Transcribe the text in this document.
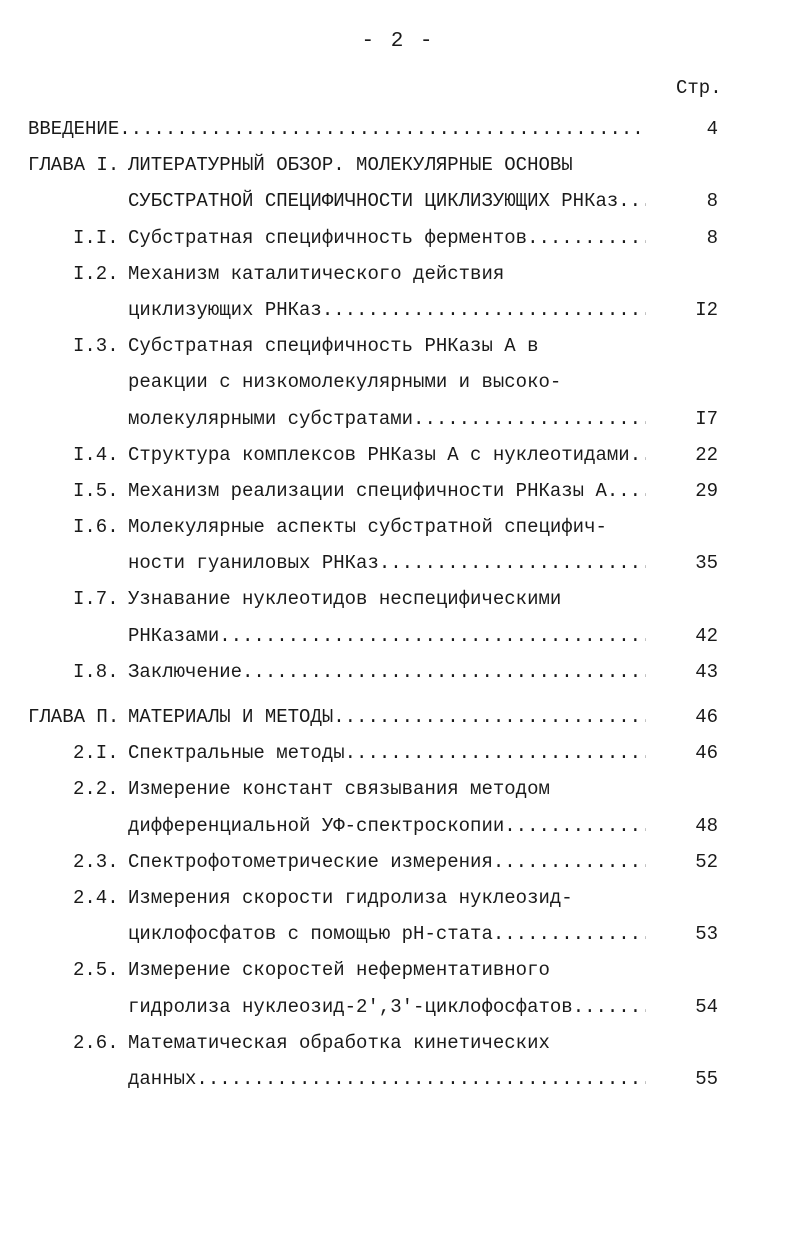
- 2 -
Стр.
ВВЕДЕНИЕ .....	4
ГЛАВА I. ЛИТЕРАТУРНЫЙ ОБЗОР. МОЛЕКУЛЯРНЫЕ ОСНОВЫ
СУБСТРАТНОЙ СПЕЦИФИЧНОСТИ ЦИКЛИЗУЮЩИХ РНКаз .....	8
I.I. Субстратная специфичность ферментов .....	8
I.2. Механизм каталитического действия
циклизующих РНКаз .....	I2
I.3. Субстратная специфичность РНКазы А в
реакции с низкомолекулярными и высоко-
молекулярными субстратами .....	I7
I.4. Структура комплексов РНКазы А с нуклеотидами .....	22
I.5. Механизм реализации специфичности РНКазы А. .....	29
I.6. Молекулярные аспекты субстратной специфич-
ности гуаниловых РНКаз .....	35
I.7. Узнавание нуклеотидов неспецифическими
РНКазами .....	42
I.8. Заключение .....	43
ГЛАВА П. МАТЕРИАЛЫ И МЕТОДЫ .....	46
2.I. Спектральные методы .....	46
2.2. Измерение констант связывания методом
дифференциальной УФ-спектроскопии .....	48
2.3. Спектрофотометрические измерения .....	52
2.4. Измерения скорости гидролиза нуклеозид-
циклофосфатов с помощью рН-стата .....	53
2.5. Измерение скоростей неферментативного
гидролиза нуклеозид-2',3'-циклофосфатов .....	54
2.6. Математическая обработка кинетических
данных .....	55
